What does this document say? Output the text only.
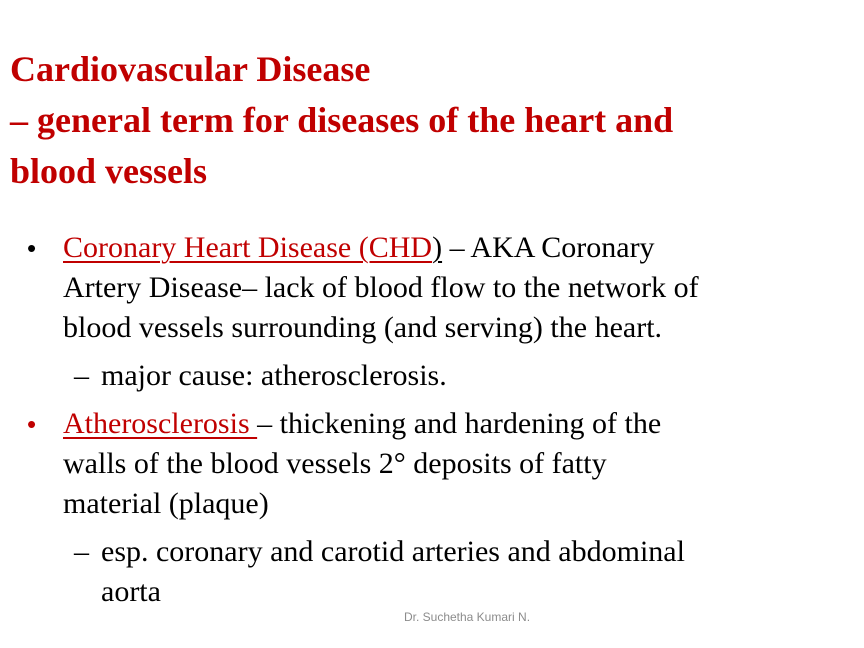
Cardiovascular Disease
– general term for diseases of the heart and
blood vessels
• Coronary Heart Disease (CHD) – AKA Coronary
Artery Disease– lack of blood flow to the network of
blood vessels surrounding (and serving) the heart.
– major cause: atherosclerosis.
• Atherosclerosis – thickening and hardening of the
walls of the blood vessels 2° deposits of fatty
material (plaque)
– esp. coronary and carotid arteries and abdominal
aorta
Dr. Suchetha Kumari N.
